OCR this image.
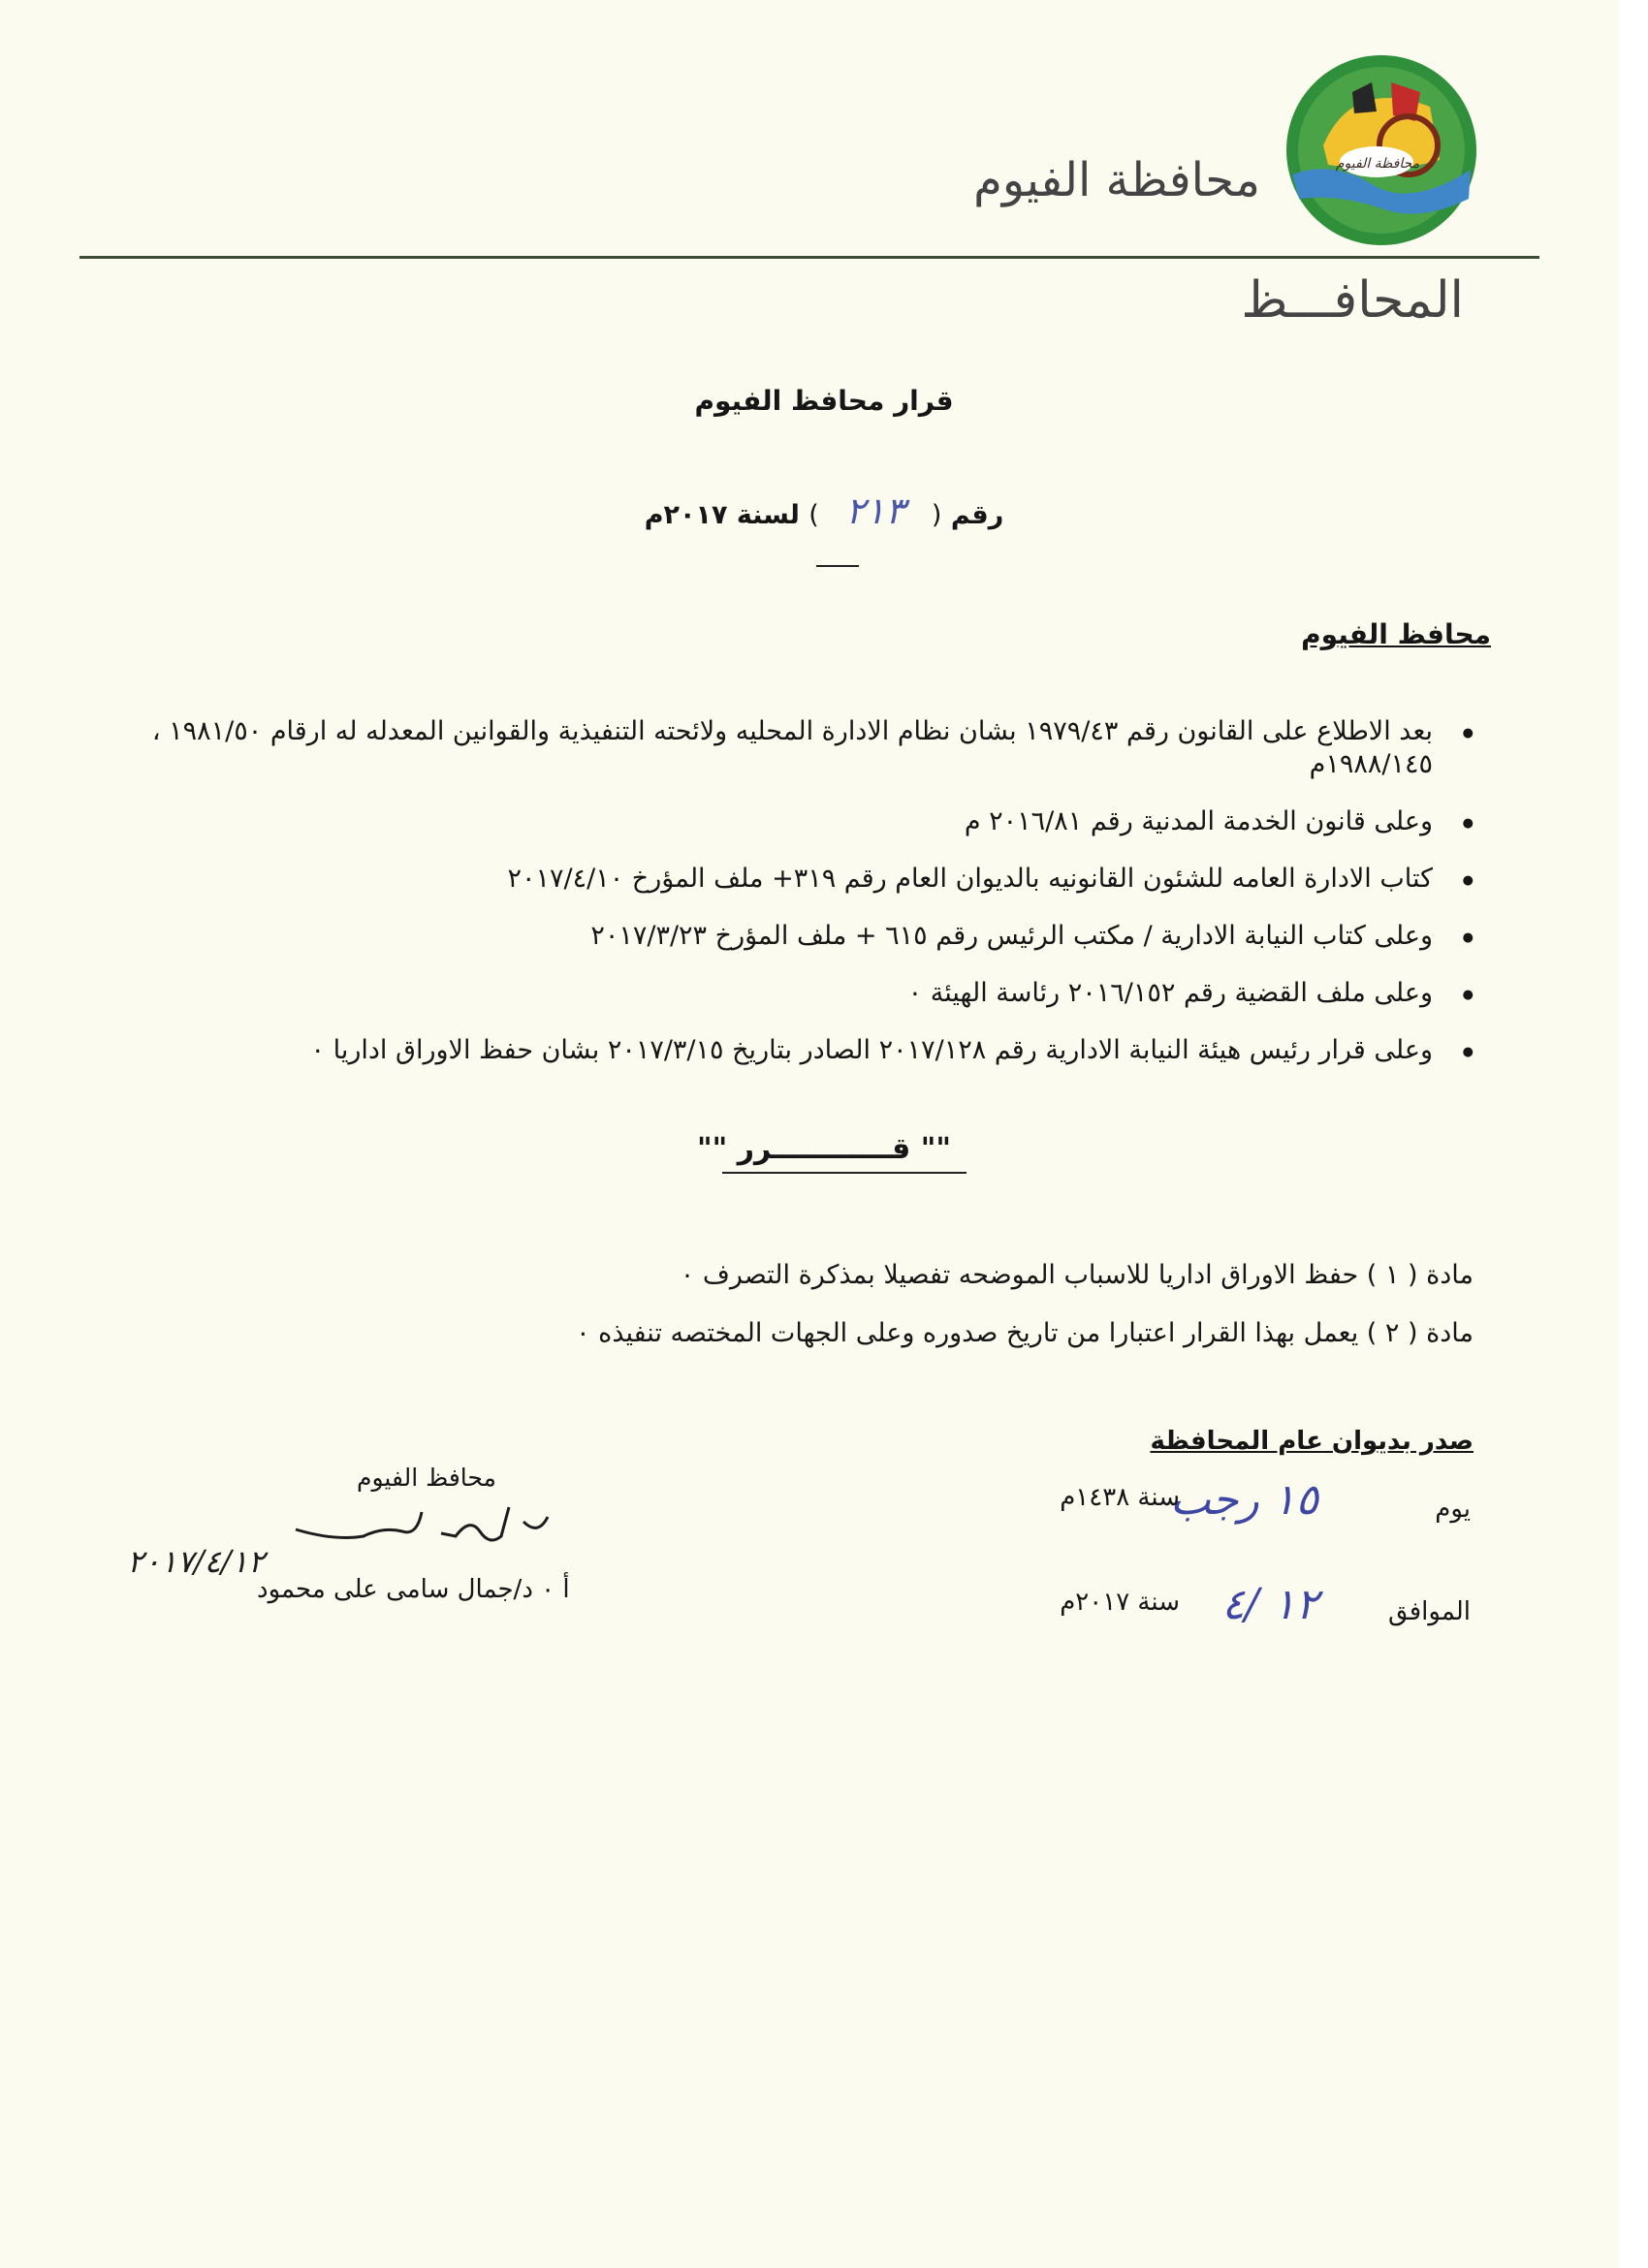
محافظة الفيوم
محافظة الفيوم
المحافـــظ
قرار محافظ الفيوم
رقم ( ٢١٣ ) لسنة ٢٠١٧م
محافظ الفيوم
بعد الاطلاع على القانون رقم ١٩٧٩/٤٣ بشان نظام الادارة المحليه ولائحته التنفيذية والقوانين المعدله له ارقام ١٩٨١/٥٠ ، ١٩٨٨/١٤٥م ●
وعلى قانون الخدمة المدنية رقم ٢٠١٦/٨١ م ●
كتاب الادارة العامه للشئون القانونيه بالديوان العام رقم ٣١٩+ ملف المؤرخ ٢٠١٧/٤/١٠ ●
وعلى كتاب النيابة الادارية / مكتب الرئيس رقم ٦١٥ + ملف المؤرخ ٢٠١٧/٣/٢٣ ●
وعلى ملف القضية رقم ٢٠١٦/١٥٢ رئاسة الهيئة ٠ ●
وعلى قرار رئيس هيئة النيابة الادارية رقم ٢٠١٧/١٢٨ الصادر بتاريخ ٢٠١٧/٣/١٥ بشان حفظ الاوراق اداريا ٠ ●
"" قــــــــــــرر ""
مادة ( ١ ) حفظ الاوراق اداريا للاسباب الموضحه تفصيلا بمذكرة التصرف ٠
مادة ( ٢ ) يعمل بهذا القرار اعتبارا من تاريخ صدوره وعلى الجهات المختصه تنفيذه ٠
صدر بديوان عام المحافظة
يوم
١٥ رجب
سنة ١٤٣٨م
الموافق
١٢ /٤
سنة ٢٠١٧م
محافظ الفيوم
٢٠١٧/٤/١٢
أ ٠ د/جمال سامى على محمود
